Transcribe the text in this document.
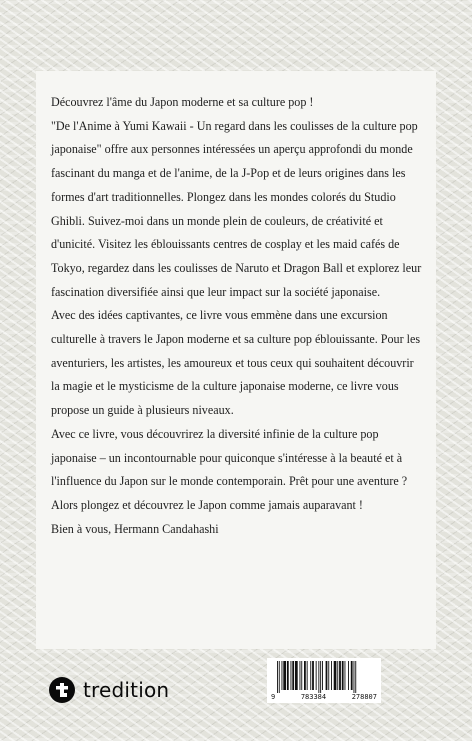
Découvrez l'âme du Japon moderne et sa culture pop !

"De l'Anime à Yumi Kawaii - Un regard dans les coulisses de la culture pop japonaise" offre aux personnes intéressées un aperçu approfondi du monde fascinant du manga et de l'anime, de la J-Pop et de leurs origines dans les formes d'art traditionnelles. Plongez dans les mondes colorés du Studio Ghibli. Suivez-moi dans un monde plein de couleurs, de créativité et d'unicité. Visitez les éblouissants centres de cosplay et les maid cafés de Tokyo, regardez dans les coulisses de Naruto et Dragon Ball et explorez leur fascination diversifiée ainsi que leur impact sur la société japonaise.

Avec des idées captivantes, ce livre vous emmène dans une excursion culturelle à travers le Japon moderne et sa culture pop éblouissante. Pour les aventuriers, les artistes, les amoureux et tous ceux qui souhaitent découvrir la magie et le mysticisme de la culture japonaise moderne, ce livre vous propose un guide à plusieurs niveaux.

Avec ce livre, vous découvrirez la diversité infinie de la culture pop japonaise – un incontournable pour quiconque s'intéresse à la beauté et à l'influence du Japon sur le monde contemporain. Prêt pour une aventure ? Alors plongez et découvrez le Japon comme jamais auparavant !

Bien à vous, Hermann Candahashi

tredition	9	783384	278807
